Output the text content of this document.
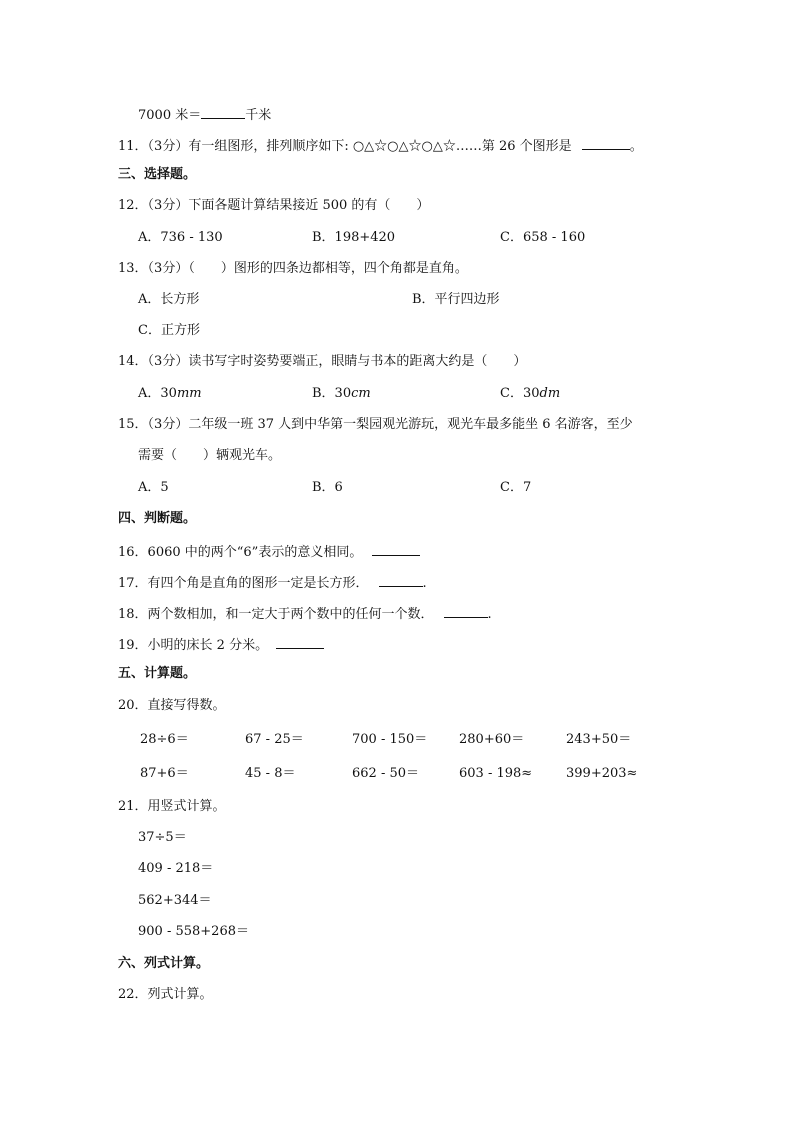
7000 米＝	千米
11．（3分）有一组图形，排列顺序如下: ○△☆○△☆○△☆……第 26 个图形是	。
三、选择题。
12．（3分）下面各题计算结果接近 500 的有（　　）
A．736 - 130	B．198+420	C．658 - 160
13．（3分）（　　）图形的四条边都相等，四个角都是直角。
A．长方形	B．平行四边形
C．正方形
14．（3分）读书写字时姿势要端正，眼睛与书本的距离大约是（　　）
A．30mm	B．30cm	C．30dm
15．（3分）二年级一班 37 人到中华第一梨园观光游玩，观光车最多能坐 6 名游客，至少
需要（　　）辆观光车。
A．5	B．6	C．7
四、判断题。
16．6060 中的两个“6”表示的意义相同。
17．有四个角是直角的图形一定是长方形．	.
18．两个数相加，和一定大于两个数中的任何一个数．	.
19．小明的床长 2 分米。
五、计算题。
20．直接写得数。
28÷6＝	67 - 25＝	700 - 150＝ 280+60＝	243+50＝
87+6＝	45 - 8＝	662 - 50＝	603 - 198≈	399+203≈
21．用竖式计算。
37÷5＝
409 - 218＝
562+344＝
900 - 558+268＝
六、列式计算。
22．列式计算。
